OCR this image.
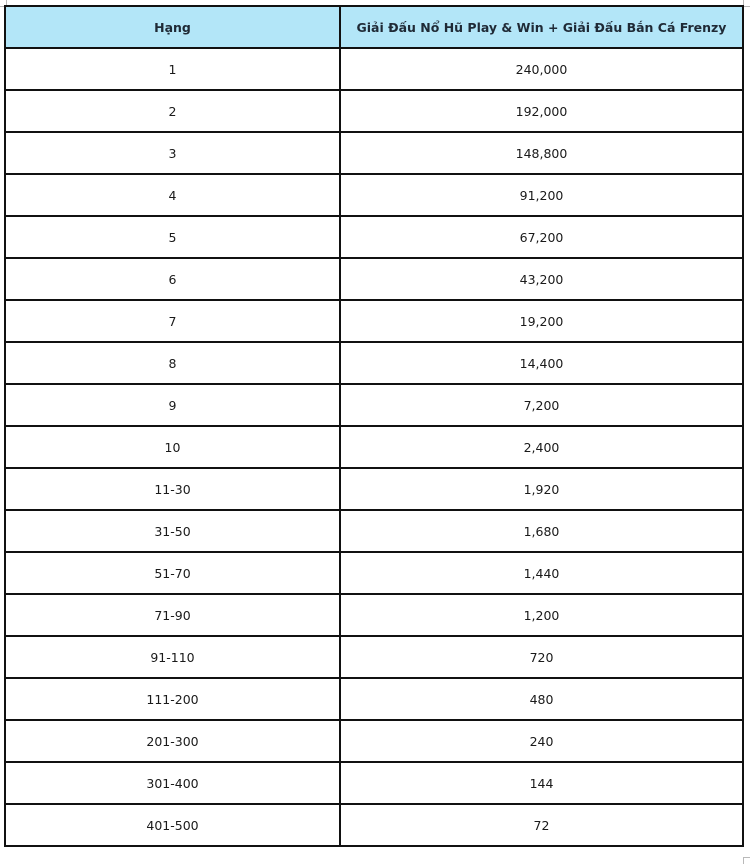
Hạng	Giải Đấu Nổ Hũ Play & Win + Giải Đấu Bắn Cá Frenzy
1	240,000
2	192,000
3	148,800
4	91,200
5	67,200
6	43,200
7	19,200
8	14,400
9	7,200
10	2,400
11-30	1,920
31-50	1,680
51-70	1,440
71-90	1,200
91-110	720
111-200	480
201-300	240
301-400	144
401-500	72
